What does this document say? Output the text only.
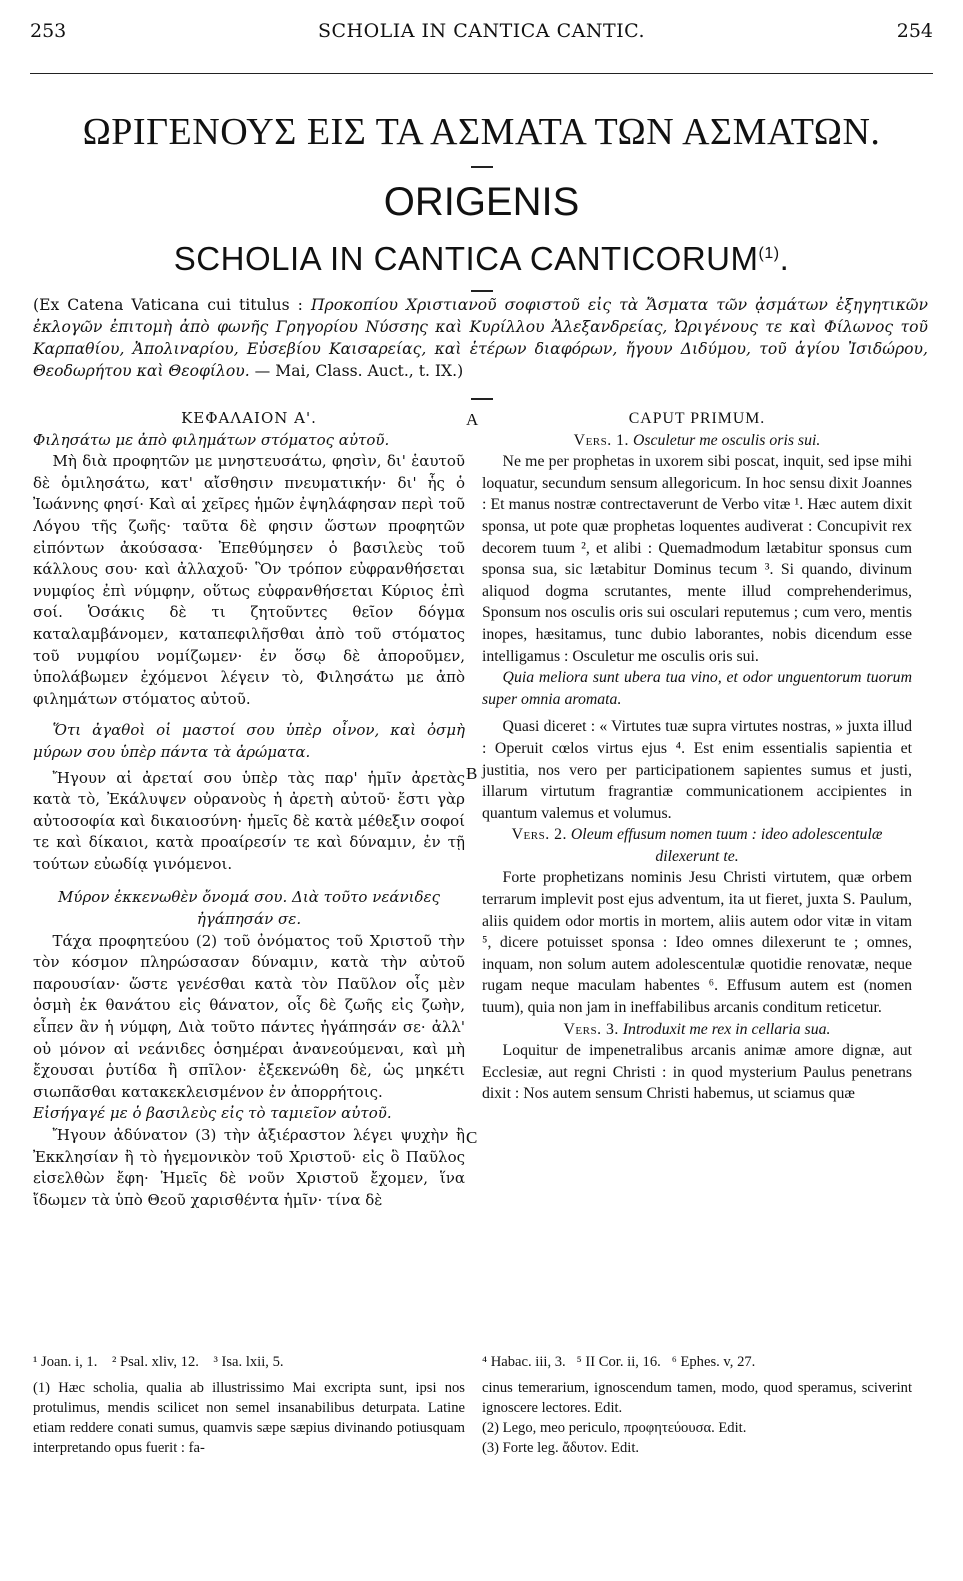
253	SCHOLIA IN CANTICA CANTIC.	254
ΩΡΙΓΕΝΟΥΣ ΕΙΣ ΤΑ ΑΣΜΑΤΑ ΤΩΝ ΑΣΜΑΤΩΝ.
ORIGENIS
SCHOLIA IN CANTICA CANTICORUM$^{(1)}$.
(Ex Catena Vaticana cui titulus : Προκοπίου Χριστιανοῦ σοφιστοῦ εἰς τὰ Ἄσματα τῶν ᾀσμάτων ἐξηγητικῶν ἐκλογῶν ἐπιτομὴ ἀπὸ φωνῆς Γρηγορίου Νύσσης καὶ Κυρίλλου Ἀλεξανδρείας, Ὠριγένους τε καὶ Φίλωνος τοῦ Καρπαθίου, Ἀπολιναρίου, Εὐσεβίου Καισαρείας, καὶ ἑτέρων διαφόρων, ἤγουν Διδύμου, τοῦ ἁγίου Ἰσιδώρου, Θεοδωρήτου καὶ Θεοφίλου. — Mai, Class. Auct., t. IX.)
A
B
C

ΚΕΦΑΛΑΙΟΝ Α'.

Φιλησάτω με ἀπὸ φιλημάτων στόματος αὐτοῦ.

Μὴ διὰ προφητῶν με μνηστευσάτω, φησὶν, δι' ἑαυτοῦ δὲ ὁμιλησάτω, κατ' αἴσθησιν πνευματικήν· δι' ἧς ὁ Ἰωάννης φησί· Καὶ αἱ χεῖρες ἡμῶν ἐψηλάφησαν περὶ τοῦ Λόγου τῆς ζωῆς· ταῦτα δὲ φησιν ὥστων προφητῶν εἰπόντων ἀκούσασα· Ἐπεθύμησεν ὁ βασιλεὺς τοῦ κάλλους σου· καὶ ἀλλαχοῦ· Ὃν τρόπον εὐφρανθήσεται νυμφίος ἐπὶ νύμφην, οὕτως εὐφρανθήσεται Κύριος ἐπὶ σοί. Ὁσάκις δὲ τι ζητοῦντες θεῖον δόγμα καταλαμβάνομεν, καταπεφιλῆσθαι ἀπὸ τοῦ στόματος τοῦ νυμφίου νομίζωμεν· ἐν ὅσῳ δὲ ἀποροῦμεν, ὑπολάβωμεν ἐχόμενοι λέγειν τὸ, Φιλησάτω με ἀπὸ φιλημάτων στόματος αὐτοῦ.

Ὅτι ἀγαθοὶ οἱ μαστοί σου ὑπὲρ οἶνον, καὶ ὀσμὴ μύρων σου ὑπὲρ πάντα τὰ ἀρώματα.

Ἤγουν αἱ ἀρεταί σου ὑπὲρ τὰς παρ' ἡμῖν ἀρετὰς κατὰ τὸ, Ἐκάλυψεν οὐρανοὺς ἡ ἀρετὴ αὐτοῦ· ἔστι γὰρ αὐτοσοφία καὶ δικαιοσύνη· ἡμεῖς δὲ κατὰ μέθεξιν σοφοί τε καὶ δίκαιοι, κατὰ προαίρεσίν τε καὶ δύναμιν, ἐν τῇ τούτων εὐωδίᾳ γινόμενοι.

Μύρον ἐκκενωθὲν ὄνομά σου. Διὰ τοῦτο νεάνιδες ἠγάπησάν σε.

Τάχα προφητεύου (2) τοῦ ὀνόματος τοῦ Χριστοῦ τὴν τὸν κόσμον πληρώσασαν δύναμιν, κατὰ τὴν αὐτοῦ παρουσίαν· ὥστε γενέσθαι κατὰ τὸν Παῦλον οἷς μὲν ὀσμὴ ἐκ θανάτου εἰς θάνατον, οἷς δὲ ζωῆς εἰς ζωὴν, εἶπεν ἂν ἡ νύμφη, Διὰ τοῦτο πάντες ἠγάπησάν σε· ἀλλ' οὐ μόνον αἱ νεάνιδες ὁσημέραι ἀνανεούμεναι, καὶ μὴ ἔχουσαι ῥυτίδα ἢ σπῖλον· ἐξεκενώθη δὲ, ὡς μηκέτι σιωπᾶσθαι κατακεκλεισμένον ἐν ἀπορρήτοις.

Εἰσήγαγέ με ὁ βασιλεὺς εἰς τὸ ταμιεῖον αὐτοῦ.

Ἤγουν ἀδύνατον (3) τὴν ἀξιέραστον λέγει ψυχὴν ἢ Ἐκκλησίαν ἢ τὸ ἡγεμονικὸν τοῦ Χριστοῦ· εἰς ὃ Παῦλος εἰσελθὼν ἔφη· Ἡμεῖς δὲ νοῦν Χριστοῦ ἔχομεν, ἵνα ἴδωμεν τὰ ὑπὸ Θεοῦ χαρισθέντα ἡμῖν· τίνα δὲ

CAPUT PRIMUM.

Vers. 1. Osculetur me osculis oris sui.

Ne me per prophetas in uxorem sibi poscat, inquit, sed ipse mihi loquatur, secundum sensum allegoricum. In hoc sensu dixit Joannes : Et manus nostræ contrectaverunt de Verbo vitæ ¹. Hæc autem dixit sponsa, ut pote quæ prophetas loquentes audiverat : Concupivit rex decorem tuum ², et alibi : Quemadmodum lætabitur sponsus cum sponsa sua, sic lætabitur Dominus tecum ³. Si quando, divinum aliquod dogma scrutantes, mente illud comprehenderimus, Sponsum nos osculis oris sui osculari reputemus ; cum vero, mentis inopes, hæsitamus, tunc dubio laborantes, nobis dicendum esse intelligamus : Osculetur me osculis oris sui.

Quia meliora sunt ubera tua vino, et odor unguentorum tuorum super omnia aromata.

Quasi diceret : « Virtutes tuæ supra virtutes nostras, » juxta illud : Operuit cœlos virtus ejus ⁴. Est enim essentialis sapientia et justitia, nos vero per participationem sapientes sumus et justi, illarum virtutum fragrantiæ communicationem accipientes in quantum valemus et volumus.

Vers. 2. Oleum effusum nomen tuum : ideo adolescentulæ dilexerunt te.

Forte prophetizans nominis Jesu Christi virtutem, quæ orbem terrarum implevit post ejus adventum, ita ut fieret, juxta S. Paulum, aliis quidem odor mortis in mortem, aliis autem odor vitæ in vitam ⁵, dicere potuisset sponsa : Ideo omnes dilexerunt te ; omnes, inquam, non solum autem adolescentulæ quotidie renovatæ, neque rugam neque maculam habentes ⁶. Effusum autem est (nomen tuum), quia non jam in ineffabilibus arcanis conditum reticetur.

Vers. 3. Introduxit me rex in cellaria sua.

Loquitur de impenetralibus arcanis animæ amore dignæ, aut Ecclesiæ, aut regni Christi : in quod mysterium Paulus penetrans dixit : Nos autem sensum Christi habemus, ut sciamus quæ

¹ Joan. i, 1.    ² Psal. xliv, 12.    ³ Isa. lxii, 5.
(1) Hæc scholia, qualia ab illustrissimo Mai excripta sunt, ipsi nos protulimus, mendis scilicet non semel insanabilibus deturpata. Latine etiam reddere conati sumus, quamvis sæpe sæpius divinando potiusquam interpretando opus fuerit : fa-
⁴ Habac. iii, 3.   ⁵ II Cor. ii, 16.   ⁶ Ephes. v, 27.
cinus temerarium, ignoscendum tamen, modo, quod speramus, sciverint ignoscere lectores. Edit.
(2) Lego, meo periculo, προφητεύουσα. Edit.
(3) Forte leg. ἄδυτον. Edit.
